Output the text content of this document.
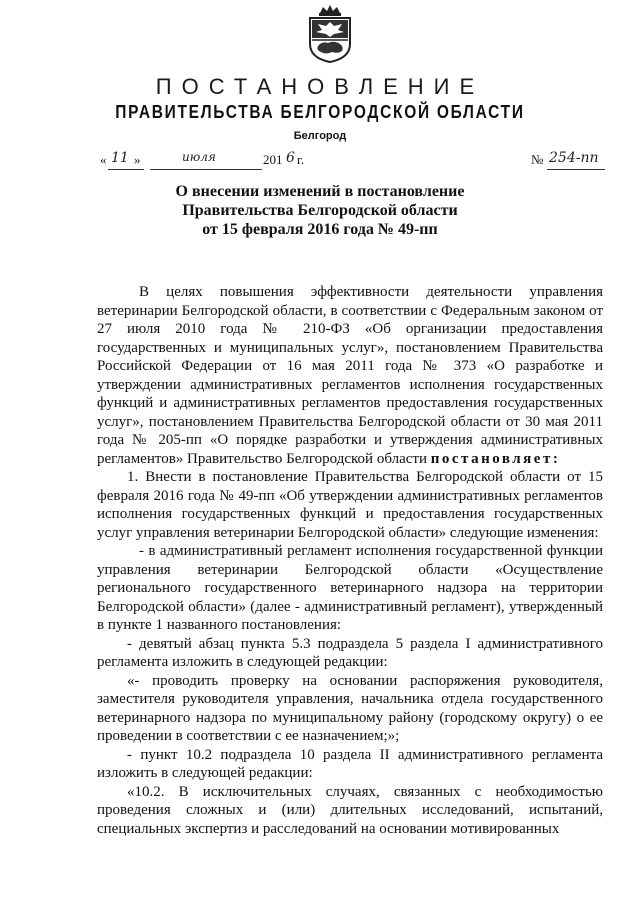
ПОСТАНОВЛЕНИЕ
ПРАВИТЕЛЬСТВА БЕЛГОРОДСКОЙ ОБЛАСТИ
Белгород
« 11 »	июля	201 6 г.	№ 254-пп
О внесении изменений в постановление
Правительства Белгородской области
от 15 февраля 2016 года № 49-пп

В целях повышения эффективности деятельности управления ветеринарии Белгородской области, в соответствии с Федеральным законом от 27 июля 2010 года № 210-ФЗ «Об организации предоставления государственных и муниципальных услуг», постановлением Правительства Российской Федерации от 16 мая 2011 года № 373 «О разработке и утверждении административных регламентов исполнения государственных функций и административных регламентов предоставления государственных услуг», постановлением Правительства Белгородской области от 30 мая 2011 года № 205-пп «О порядке разработки и утверждения административных регламентов» Правительство Белгородской области постановляет:

1. Внести в постановление Правительства Белгородской области от 15 февраля 2016 года № 49-пп «Об утверждении административных регламентов исполнения государственных функций и предоставления государственных услуг управления ветеринарии Белгородской области» следующие изменения:

- в административный регламент исполнения государственной функции управления ветеринарии Белгородской области «Осуществление регионального государственного ветеринарного надзора на территории Белгородской области» (далее - административный регламент), утвержденный в пункте 1 названного постановления:

- девятый абзац пункта 5.3 подраздела 5 раздела I административного регламента изложить в следующей редакции:

«- проводить проверку на основании распоряжения руководителя, заместителя руководителя управления, начальника отдела государственного ветеринарного надзора по муниципальному району (городскому округу) о ее проведении в соответствии с ее назначением;»;

- пункт 10.2 подраздела 10 раздела II административного регламента изложить в следующей редакции:

«10.2. В исключительных случаях, связанных с необходимостью проведения сложных и (или) длительных исследований, испытаний, специальных экспертиз и расследований на основании мотивированных
